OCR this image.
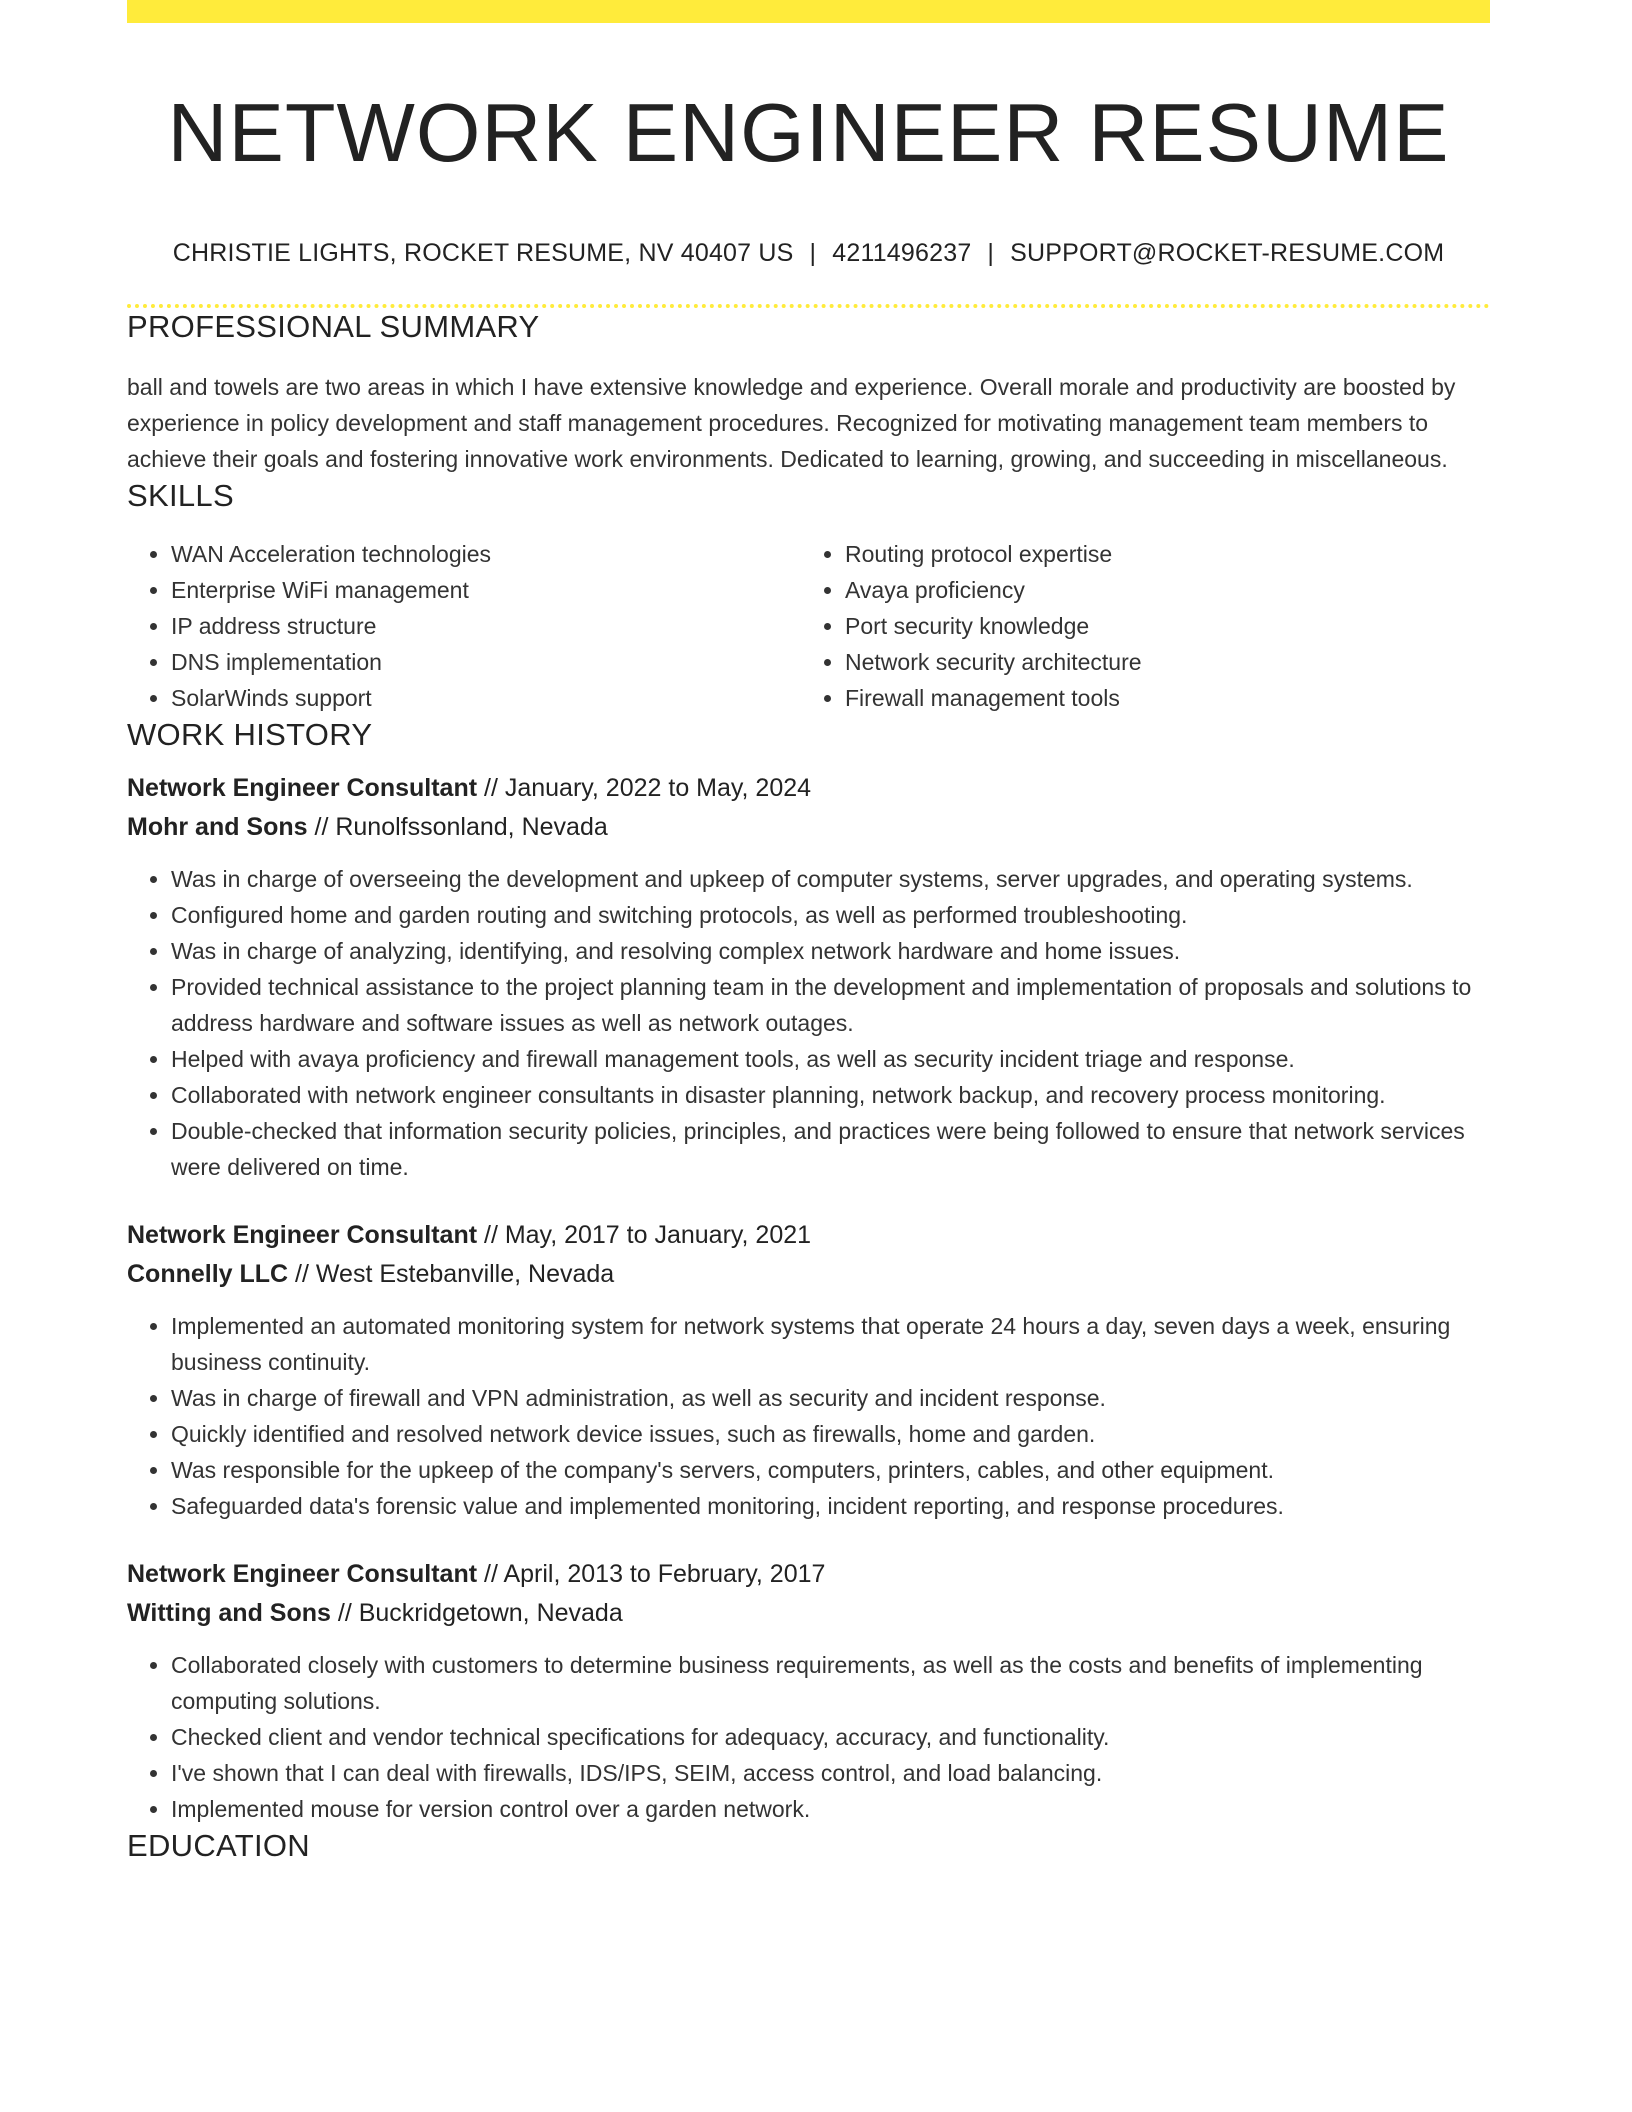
NETWORK ENGINEER RESUME
CHRISTIE LIGHTS, ROCKET RESUME, NV 40407 US | 4211496237 | SUPPORT@ROCKET-RESUME.COM
PROFESSIONAL SUMMARY

ball and towels are two areas in which I have extensive knowledge and experience. Overall morale and productivity are boosted by experience in policy development and staff management procedures. Recognized for motivating management team members to achieve their goals and fostering innovative work environments. Dedicated to learning, growing, and succeeding in miscellaneous.

SKILLS
• WAN Acceleration technologies
• Enterprise WiFi management
• IP address structure
• DNS implementation
• SolarWinds support
• Routing protocol expertise
• Avaya proficiency
• Port security knowledge
• Network security architecture
• Firewall management tools
WORK HISTORY
Network Engineer Consultant // January, 2022 to May, 2024
Mohr and Sons // Runolfssonland, Nevada
• Was in charge of overseeing the development and upkeep of computer systems, server upgrades, and operating systems.
• Configured home and garden routing and switching protocols, as well as performed troubleshooting.
• Was in charge of analyzing, identifying, and resolving complex network hardware and home issues.
• Provided technical assistance to the project planning team in the development and implementation of proposals and solutions to address hardware and software issues as well as network outages.
• Helped with avaya proficiency and firewall management tools, as well as security incident triage and response.
• Collaborated with network engineer consultants in disaster planning, network backup, and recovery process monitoring.
• Double-checked that information security policies, principles, and practices were being followed to ensure that network services were delivered on time.
Network Engineer Consultant // May, 2017 to January, 2021
Connelly LLC // West Estebanville, Nevada
• Implemented an automated monitoring system for network systems that operate 24 hours a day, seven days a week, ensuring business continuity.
• Was in charge of firewall and VPN administration, as well as security and incident response.
• Quickly identified and resolved network device issues, such as firewalls, home and garden.
• Was responsible for the upkeep of the company's servers, computers, printers, cables, and other equipment.
• Safeguarded data's forensic value and implemented monitoring, incident reporting, and response procedures.
Network Engineer Consultant // April, 2013 to February, 2017
Witting and Sons // Buckridgetown, Nevada
• Collaborated closely with customers to determine business requirements, as well as the costs and benefits of implementing computing solutions.
• Checked client and vendor technical specifications for adequacy, accuracy, and functionality.
• I've shown that I can deal with firewalls, IDS/IPS, SEIM, access control, and load balancing.
• Implemented mouse for version control over a garden network.
EDUCATION
